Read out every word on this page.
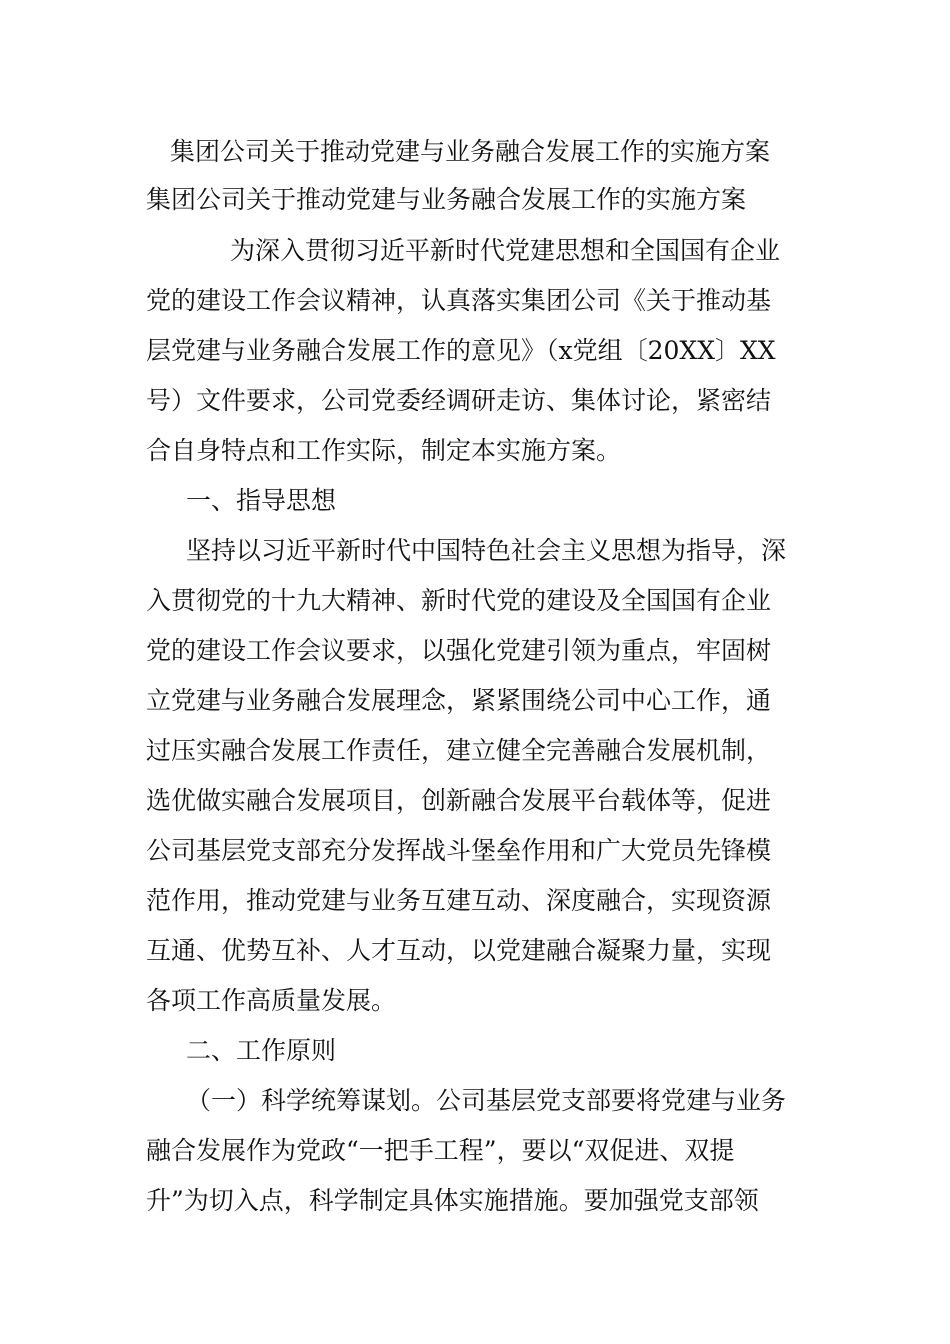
集团公司关于推动党建与业务融合发展工作的实施方案
集团公司关于推动党建与业务融合发展工作的实施方案
为深入贯彻习近平新时代党建思想和全国国有企业
党的建设工作会议精神，认真落实集团公司《关于推动基
层党建与业务融合发展工作的意见》（x党组〔20XX〕XX
号）文件要求，公司党委经调研走访、集体讨论，紧密结
合自身特点和工作实际，制定本实施方案。
一、指导思想
坚持以习近平新时代中国特色社会主义思想为指导，深
入贯彻党的十九大精神、新时代党的建设及全国国有企业
党的建设工作会议要求，以强化党建引领为重点，牢固树
立党建与业务融合发展理念，紧紧围绕公司中心工作，通
过压实融合发展工作责任，建立健全完善融合发展机制，
选优做实融合发展项目，创新融合发展平台载体等，促进
公司基层党支部充分发挥战斗堡垒作用和广大党员先锋模
范作用，推动党建与业务互建互动、深度融合，实现资源
互通、优势互补、人才互动，以党建融合凝聚力量，实现
各项工作高质量发展。
二、工作原则
（一）科学统筹谋划。公司基层党支部要将党建与业务
融合发展作为党政“一把手工程”，要以“双促进、双提
升”为切入点，科学制定具体实施措施。要加强党支部领
